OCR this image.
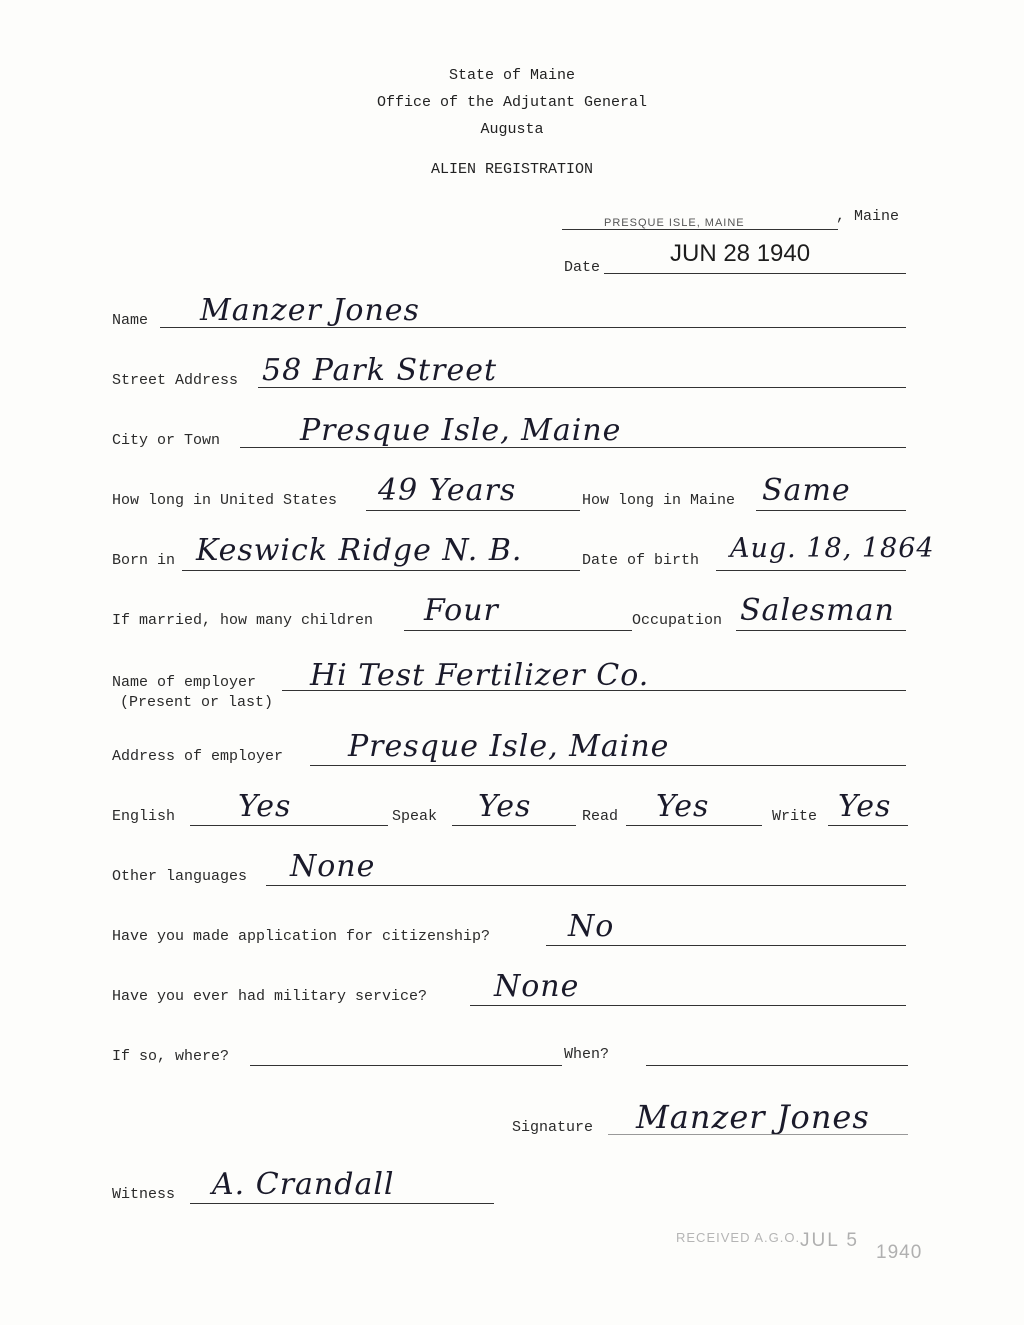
State of Maine
Office of the Adjutant General
Augusta
ALIEN REGISTRATION
PRESQUE ISLE, MAINE	, Maine
Date
JUN 28 1940
Name Manzer Jones
Street Address 58 Park Street
City or Town	Presque Isle, Maine
How long in United States 49 Years	How long in Maine Same
Born in Keswick Ridge N. B.	Date of birth Aug. 18, 1864
If married, how many children Four	Occupation Salesman
Name of employer
(Present or last)
Hi Test Fertilizer Co.
Address of employer Presque Isle, Maine
English Yes	Speak Yes	Read Yes	Write Yes
Other languages None
Have you made application for citizenship?	No
Have you ever had military service? None
If so, where?	When?
Signature Manzer Jones
Witness A. Crandall
RECEIVED A.G.O. JUL 5
1940
